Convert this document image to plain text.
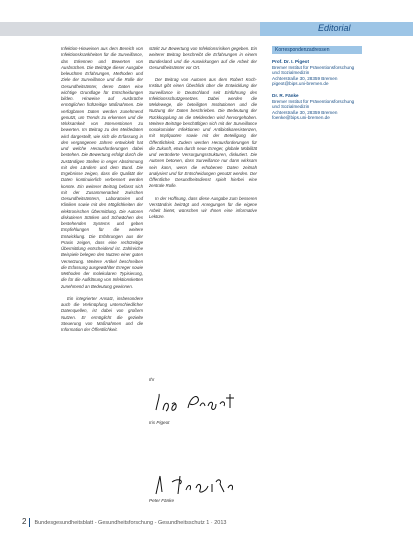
Editorial

Infektion-Hinweisen aus dem Bereich von Infektionskrankheiten für die Surveillance, das Erkennen und Bewerten von Ausbrüchen. Die Beiträge dieser Ausgabe beleuchten Erfahrungen, Methoden und Ziele der Surveillance und die Rolle der Gesundheitsämter, deren Daten eine wichtige Grundlage für Entscheidungen bilden. Hinweise auf Ausbrüche ermöglichen frühzeitige Maßnahmen. Die verfügbaren Daten werden zunehmend genutzt, um Trends zu erkennen und die Wirksamkeit von Interventionen zu bewerten. Im Beitrag zu den Meldedaten wird dargestellt, wie sich die Erfassung in den vergangenen Jahren entwickelt hat und welche Herausforderungen dabei bestehen. Die Bewertung erfolgt durch die zuständigen Stellen in enger Abstimmung mit den Ländern und dem Bund. Die Ergebnisse zeigen, dass die Qualität der Daten kontinuierlich verbessert werden konnte. Ein weiterer Beitrag befasst sich mit der Zusammenarbeit zwischen Gesundheitsämtern, Laboratorien und Kliniken sowie mit den Möglichkeiten der elektronischen Übermittlung. Die Autoren diskutieren Stärken und Schwächen des bestehenden Systems und geben Empfehlungen für die weitere Entwicklung. Die Erfahrungen aus der Praxis zeigen, dass eine rechtzeitige Übermittlung entscheidend ist. Zahlreiche Beispiele belegen den Nutzen einer guten Vernetzung. Weitere Artikel beschreiben die Erfassung ausgewählter Erreger sowie Methoden der molekularen Typisierung, die für die Aufklärung von Infektionsketten zunehmend an Bedeutung gewinnen.

Ein integrierter Ansatz, insbesondere auch die Verknüpfung unterschiedlicher Datenquellen, ist dabei von großem Nutzen. Er ermöglicht die gezielte Steuerung von Maßnahmen und die Information der Öffentlichkeit.

stärkt zur Bewertung von Infektionsrisiken gegeben. Ein weiterer Beitrag beschreibt die Erfahrungen in einem Bundesland und die Auswirkungen auf die Arbeit der Gesundheitsämter vor Ort.

Der Beitrag von Autoren aus dem Robert Koch-Institut gibt einen Überblick über die Entwicklung der Surveillance in Deutschland seit Einführung des Infektionsschutzgesetzes. Dabei werden die Meldewege, die beteiligten Institutionen und die Nutzung der Daten beschrieben. Die Bedeutung der Rückkopplung an die Meldenden wird hervorgehoben. Weitere Beiträge beschäftigen sich mit der Surveillance nosokomialer Infektionen und Antibiotikaresistenzen, mit Impfquoten sowie mit der Beteiligung der Öffentlichkeit. Zudem werden Herausforderungen für die Zukunft, etwa durch neue Erreger, globale Mobilität und veränderte Versorgungsstrukturen, diskutiert. Die Autoren betonen, dass Surveillance nur dann wirksam sein kann, wenn die erhobenen Daten zeitnah analysiert und für Entscheidungen genutzt werden. Der Öffentliche Gesundheitsdienst spielt hierbei eine zentrale Rolle.

In der Hoffnung, dass diese Ausgabe zum besseren Verständnis beiträgt und Anregungen für die eigene Arbeit bietet, wünschen wir Ihnen eine informative Lektüre.

Ihr
Iris Pigeot
Peter Fänke
Korrespondenzadressen
Prof. Dr. I. Pigeot
Bremer Institut für Präventionsforschung
und Sozialmedizin
Achterstraße 30, 28359 Bremen
pigeot@bips.uni-bremen.de
Dr. R. Fänke
Bremer Institut für Präventionsforschung
und Sozialmedizin
Achterstraße 30, 28359 Bremen
foenke@bips.uni-bremen.de
2 Bundesgesundheitsblatt - Gesundheitsforschung - Gesundheitsschutz 1 · 2013
